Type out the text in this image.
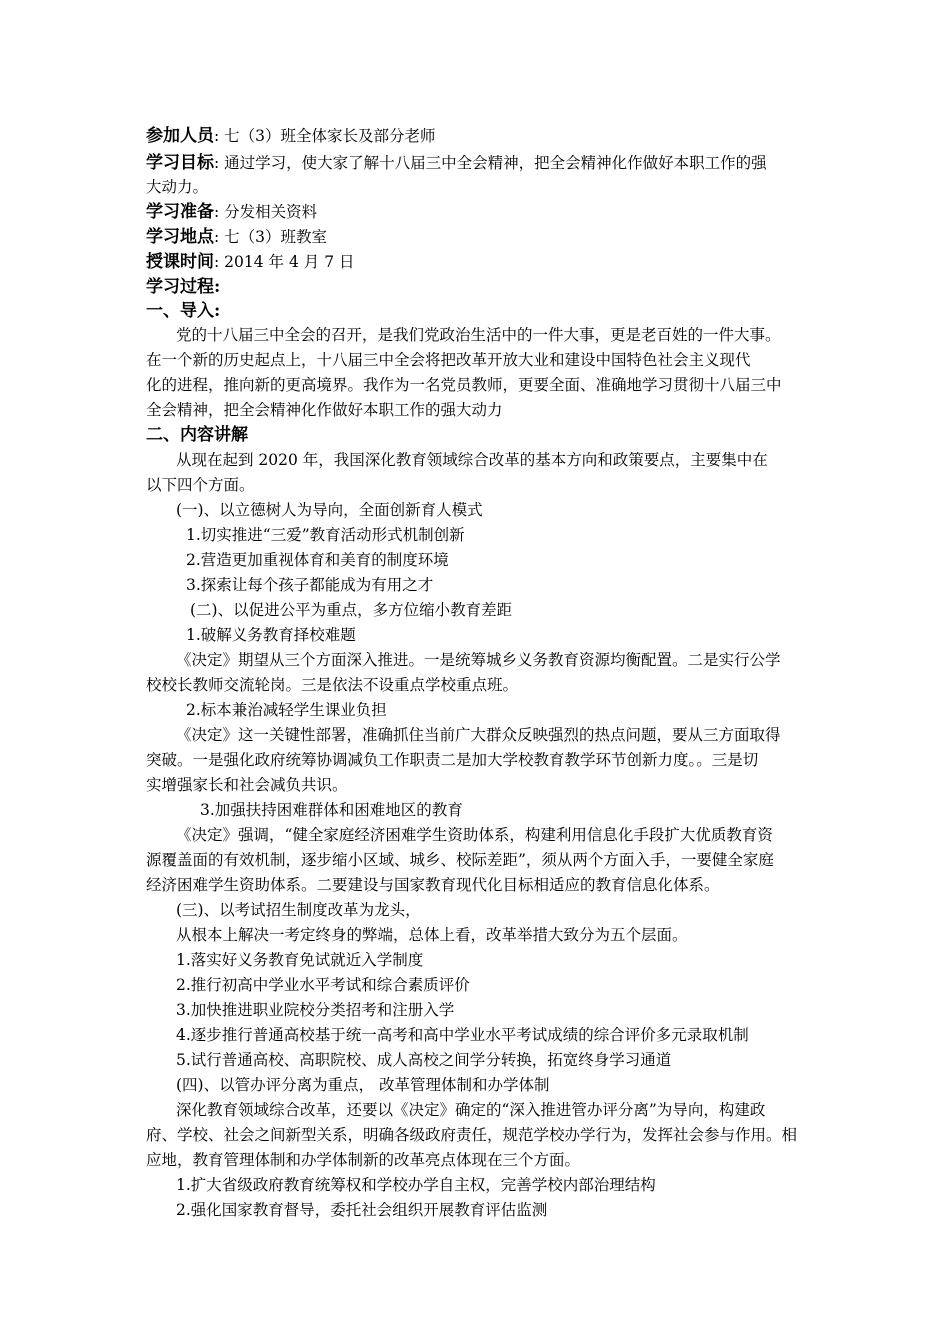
参加人员: 七（3）班全体家长及部分老师
学习目标: 通过学习，使大家了解十八届三中全会精神，把全会精神化作做好本职工作的强
大动力。
学习准备: 分发相关资料
学习地点: 七（3）班教室
授课时间: 2014 年 4 月 7 日
学习过程:
一、导入:
党的十八届三中全会的召开，是我们党政治生活中的一件大事，更是老百姓的一件大事。
在一个新的历史起点上，十八届三中全会将把改革开放大业和建设中国特色社会主义现代
化的进程，推向新的更高境界。我作为一名党员教师，更要全面、准确地学习贯彻十八届三中
全会精神，把全会精神化作做好本职工作的强大动力
二、内容讲解
从现在起到 2020 年，我国深化教育领域综合改革的基本方向和政策要点，主要集中在
以下四个方面。
(一)、以立德树人为导向，全面创新育人模式
1.切实推进“三爱”教育活动形式机制创新
2.营造更加重视体育和美育的制度环境
3.探索让每个孩子都能成为有用之才
(二)、以促进公平为重点，多方位缩小教育差距
1.破解义务教育择校难题
《决定》期望从三个方面深入推进。一是统筹城乡义务教育资源均衡配置。二是实行公学
校校长教师交流轮岗。三是依法不设重点学校重点班。
2.标本兼治减轻学生课业负担
《决定》这一关键性部署，准确抓住当前广大群众反映强烈的热点问题，要从三方面取得
突破。一是强化政府统筹协调减负工作职责二是加大学校教育教学环节创新力度。。三是切
实增强家长和社会减负共识。
3.加强扶持困难群体和困难地区的教育
《决定》强调，“健全家庭经济困难学生资助体系，构建利用信息化手段扩大优质教育资
源覆盖面的有效机制，逐步缩小区域、城乡、校际差距”，须从两个方面入手，一要健全家庭
经济困难学生资助体系。二要建设与国家教育现代化目标相适应的教育信息化体系。
(三)、以考试招生制度改革为龙头，
从根本上解决一考定终身的弊端，总体上看，改革举措大致分为五个层面。
1.落实好义务教育免试就近入学制度
2.推行初高中学业水平考试和综合素质评价
3.加快推进职业院校分类招考和注册入学
4.逐步推行普通高校基于统一高考和高中学业水平考试成绩的综合评价多元录取机制
5.试行普通高校、高职院校、成人高校之间学分转换，拓宽终身学习通道
(四)、以管办评分离为重点， 改革管理体制和办学体制
深化教育领域综合改革，还要以《决定》确定的“深入推进管办评分离”为导向，构建政
府、学校、社会之间新型关系，明确各级政府责任，规范学校办学行为，发挥社会参与作用。相
应地，教育管理体制和办学体制新的改革亮点体现在三个方面。
1.扩大省级政府教育统筹权和学校办学自主权，完善学校内部治理结构
2.强化国家教育督导，委托社会组织开展教育评估监测
